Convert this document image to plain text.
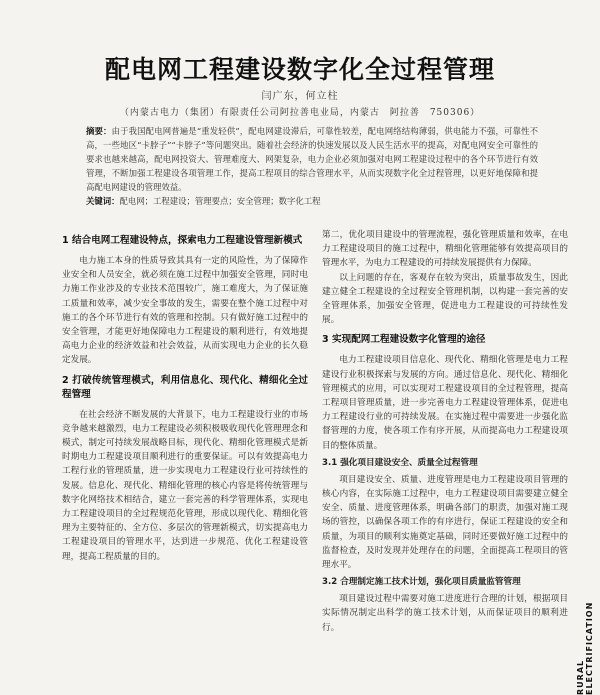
配电网工程建设数字化全过程管理
闫广东，何立柱
（内蒙古电力（集团）有限责任公司阿拉善电业局，内蒙古　阿拉善　750306）
摘要：由于我国配电网普遍是“重发轻供”，配电网建设滞后，可靠性较差，配电网络结构薄弱，供电能力不强，可靠性不高，一些地区“卡脖子”“卡脖子”等问题突出。随着社会经济的快速发展以及人民生活水平的提高，对配电网安全可靠性的要求也越来越高，配电网投资大、管理难度大、网架复杂，电力企业必须加强对电网工程建设过程中的各个环节进行有效管理，不断加强工程建设各项管理工作，提高工程项目的综合管理水平，从而实现数字化全过程管理，以更好地保障和提高配电网建设的管理效益。
关键词：配电网；工程建设；管理要点；安全管理；数字化工程
1 结合电网工程建设特点，探索电力工程建设管理新模式

电力施工本身的性质导致其具有一定的风险性，为了保障作业安全和人员安全，就必须在施工过程中加强安全管理，同时电力施工作业涉及的专业技术范围较广，施工难度大，为了保证施工质量和效率，减少安全事故的发生，需要在整个施工过程中对施工的各个环节进行有效的管理和控制。只有做好施工过程中的安全管理，才能更好地保障电力工程建设的顺利进行，有效地提高电力企业的经济效益和社会效益，从而实现电力企业的长久稳定发展。

2 打破传统管理模式，利用信息化、现代化、精细化全过程管理

在社会经济不断发展的大背景下，电力工程建设行业的市场竞争越来越激烈，电力工程建设必须积极吸收现代化管理理念和模式，制定可持续发展战略目标，现代化、精细化管理模式是新时期电力工程建设项目顺利进行的重要保证。可以有效提高电力工程行业的管理质量，进一步实现电力工程建设行业可持续性的发展。信息化、现代化、精细化管理的核心内容是将传统管理与数字化网络技术相结合，建立一套完善的科学管理体系，实现电力工程建设项目的全过程规范化管理，形成以现代化、精细化管理为主要特征的、全方位、多层次的管理新模式，切实提高电力工程建设项目的管理水平，达到进一步规范、优化工程建设管理，提高工程质量的目的。

第二，优化项目建设中的管理流程，强化管理质量和效率，在电力工程建设项目的施工过程中，精细化管理能够有效提高项目的管理水平，为电力工程建设的可持续发展提供有力保障。

以上问题的存在，客观存在较为突出，质量事故发生，因此建立健全工程建设的全过程安全管理机制，以构建一套完善的安全管理体系，加强安全管理，促进电力工程建设的可持续性发展。

3 实现配网工程建设数字化管理的途径

电力工程建设项目信息化、现代化、精细化管理是电力工程建设行业积极探索与发展的方向。通过信息化、现代化、精细化管理模式的应用，可以实现对工程建设项目的全过程管理，提高工程项目管理质量，进一步完善电力工程建设管理体系，促进电力工程建设行业的可持续发展。在实施过程中需要进一步强化监督管理的力度，使各项工作有序开展，从而提高电力工程建设项目的整体质量。

3.1 强化项目建设安全、质量全过程管理

项目建设安全、质量、进度管理是电力工程建设项目管理的核心内容，在实际施工过程中，电力工程建设项目需要建立健全安全、质量、进度管理体系，明确各部门的职责，加强对施工现场的管控，以确保各项工作的有序进行，保证工程建设的安全和质量，为项目的顺利实施奠定基础，同时还要做好施工过程中的监督检查，及时发现并处理存在的问题，全面提高工程项目的管理水平。

3.2 合理制定施工技术计划，强化项目质量监管管理

项目建设过程中需要对施工进度进行合理的计划，根据项目实际情况制定出科学的施工技术计划，从而保证项目的顺利进行。

RURAL ELECTRIFICATION
